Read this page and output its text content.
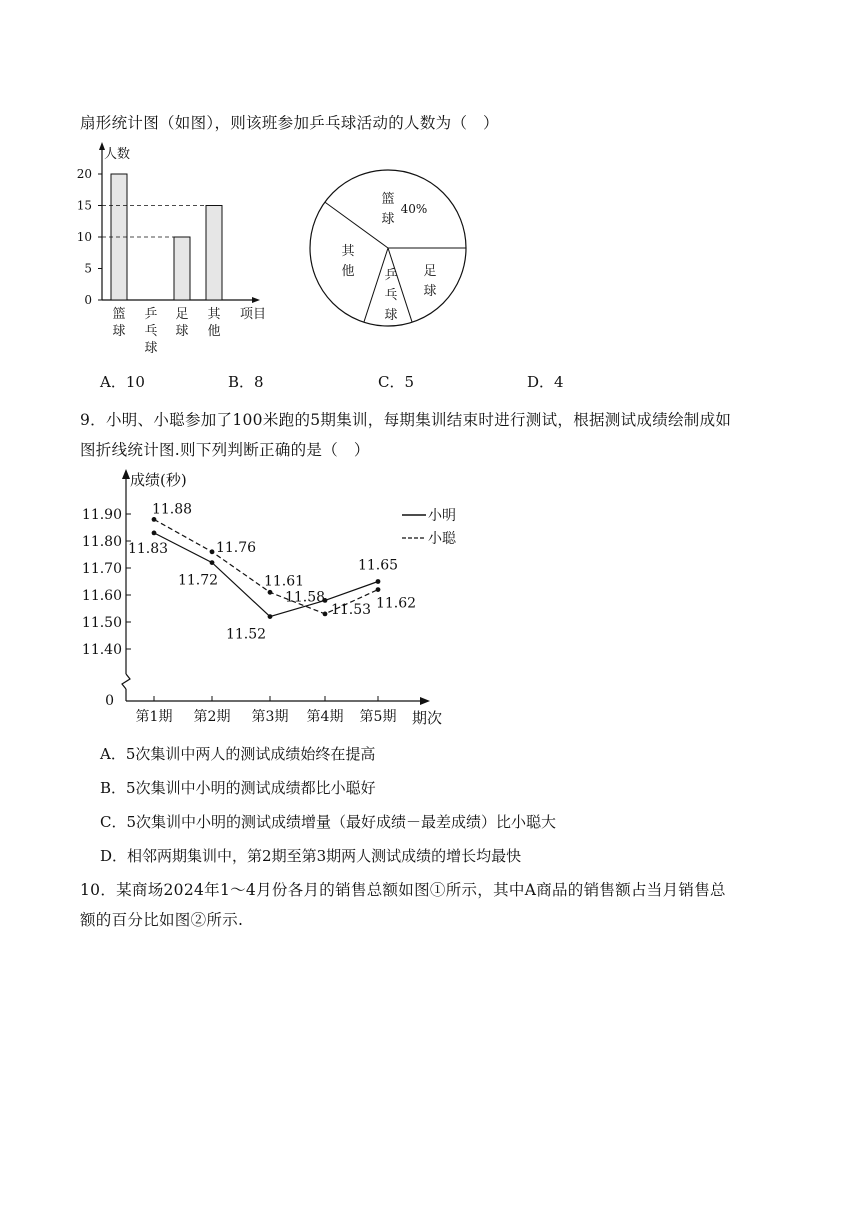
扇形统计图（如图），则该班参加乒乓球活动的人数为（　）
人数
项目
0
5
10
15
20
篮
球
乒
乓
球
足
球
其
他
篮
球
40%
其
他 乒
乓
球
足
球
A．10	B．8	C．5	D．4
9．小明、小聪参加了100米跑的5期集训，每期集训结束时进行测试，根据测试成绩绘制成如
图折线统计图.则下列判断正确的是（　）
成绩(秒)
期次
0
11.40
11.50
11.60
11.70
11.80
11.90
第1期 第2期 第3期 第4期 第5期
11.83
11.72
11.52
11.58
11.65
11.88
11.76
11.61
11.53 11.62
小明
小聪
A．5次集训中两人的测试成绩始终在提高
B．5次集训中小明的测试成绩都比小聪好
C．5次集训中小明的测试成绩增量（最好成绩－最差成绩）比小聪大
D．相邻两期集训中，第2期至第3期两人测试成绩的增长均最快
10．某商场2024年1～4月份各月的销售总额如图①所示，其中A商品的销售额占当月销售总
额的百分比如图②所示.
